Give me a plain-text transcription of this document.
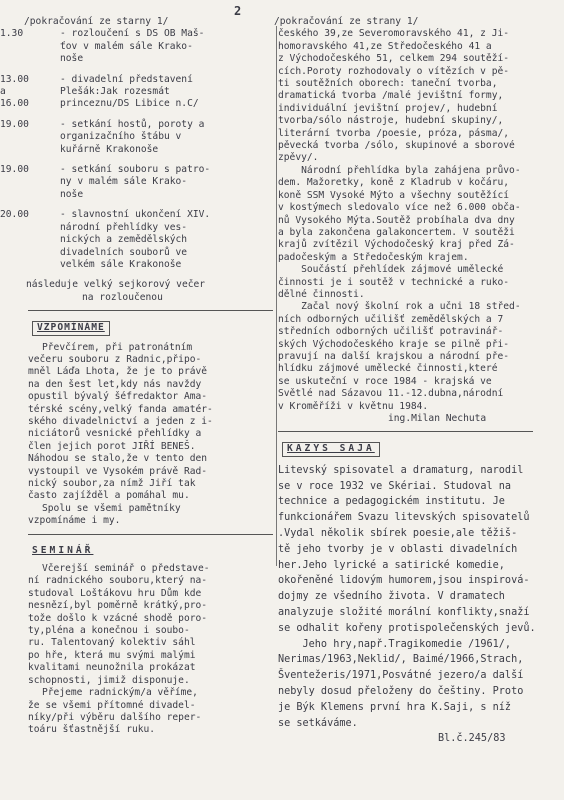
2
/pokračování ze starny 1/
1.30	- rozloučení s DS OB Maš-
ťov v malém sále Krako-
noše
13.00
a
16.00
- divadelní představení
Plešák:Jak rozesmát
princeznu/DS Libice n.C/
19.00	- setkání hostů, poroty a
organizačního štábu v
kuřárně Krakonoše
19.00	- setkání souboru s patro-
ny v malém sále Krako-
noše
20.00	- slavnostní ukončení XIV.
národní přehlídky ves-
nických a zemědělských
divadelních souborů ve
velkém sále Krakonoše
následuje velký sejkorový večer
na rozloučenou
VZPOMÍNÁME
Převčírem, při patronátním
večeru souboru z Radnic,připo-
mněl Láďa Lhota, že je to právě
na den šest let,kdy nás navždy
opustil bývalý šéfredaktor Ama-
térské scény,velký fanda amatér-
ského divadelnictví a jeden z i-
niciátorů vesnické přehlídky a
člen jejich porot JIŘÍ BENEŠ.
Náhodou se stalo,že v tento den
vystoupil ve Vysokém právě Rad-
nický soubor,za nímž Jiří tak
často zajížděl a pomáhal mu.
Spolu se všemi pamětníky
vzpomínáme i my.
SEMINÁŘ
Včerejší seminář o představe-
ní radnického souboru,který na-
studoval Loštákovu hru Dům kde
nesnězí,byl poměrně krátký,pro-
tože došlo k vzácné shodě poro-
ty,pléna a konečnou i soubo-
ru. Talentovaný kolektiv sáhl
po hře, která mu svými malými
kvalitami neunožnila prokázat
schopnosti, jimiž disponuje.
Přejeme radnickým/a věříme,
že se všemi přítomné divadel-
níky/při výběru dalšího reper-
toáru šťastnější ruku.
/pokračování ze strany 1/
českého 39,ze Severomoravského 41, z Ji-
homoravského 41,ze Středočeského 41 a
z Východočeského 51, celkem 294 soutěží-
cích.Poroty rozhodovaly o vítězích v pě-
ti soutěžních oborech: taneční tvorba,
dramatická tvorba /malé jevištní formy,
individuální jevištní projev/, hudební
tvorba/sólo nástroje, hudební skupiny/,
literární tvorba /poesie, próza, pásma/,
pěvecká tvorba /sólo, skupinové a sborové
zpěvy/.
Národní přehlídka byla zahájena průvo-
dem. Mažoretky, koně z Kladrub v kočáru,
koně SSM Vysoké Mýto a všechny soutěžící
v kostýmech sledovalo více než 6.000 obča-
nů Vysokého Mýta.Soutěž probíhala dva dny
a byla zakončena galakoncertem. V soutěži
krajů zvítězil Východočeský kraj před Zá-
padočeským a Středočeským krajem.
Součástí přehlídek zájmové umělecké
činnosti je i soutěž v technické a ruko-
dělné činnosti.
Začal nový školní rok a učni 18 střed-
ních odborných učilišť zemědělských a 7
středních odborných učilišť potravinář-
ských Východočeského kraje se pilně při-
pravují na další krajskou a národní pře-
hlídku zájmové umělecké činnosti,které
se uskuteční v roce 1984 - krajská ve
Světlé nad Sázavou 11.-12.dubna,národní
v Kroměříži v květnu 1984.
ing.Milan Nechuta
KAZYS SAJA
Litevský spisovatel a dramaturg, narodil
se v roce 1932 ve Skériai. Studoval na
technice a pedagogickém institutu. Je
funkcionářem Svazu litevských spisovatelů
.Vydal několik sbírek poesie,ale těžiš-
tě jeho tvorby je v oblasti divadelních
her.Jeho lyrické a satirické komedie,
okořeněné lidovým humorem,jsou inspirová-
dojmy ze všedního života. V dramatech
analyzuje složité morální konflikty,snaží
se odhalit kořeny protispolečenských jevů.
Jeho hry,např.Tragikomedie /1961/,
Nerimas/1963,Neklid/, Baimé/1966,Strach,
Šventežeris/1971,Posvátné jezero/a další
nebyly dosud přeloženy do češtiny. Proto
je Býk Klemens první hra K.Saji, s níž
se setkáváme.
Bl.č.245/83
